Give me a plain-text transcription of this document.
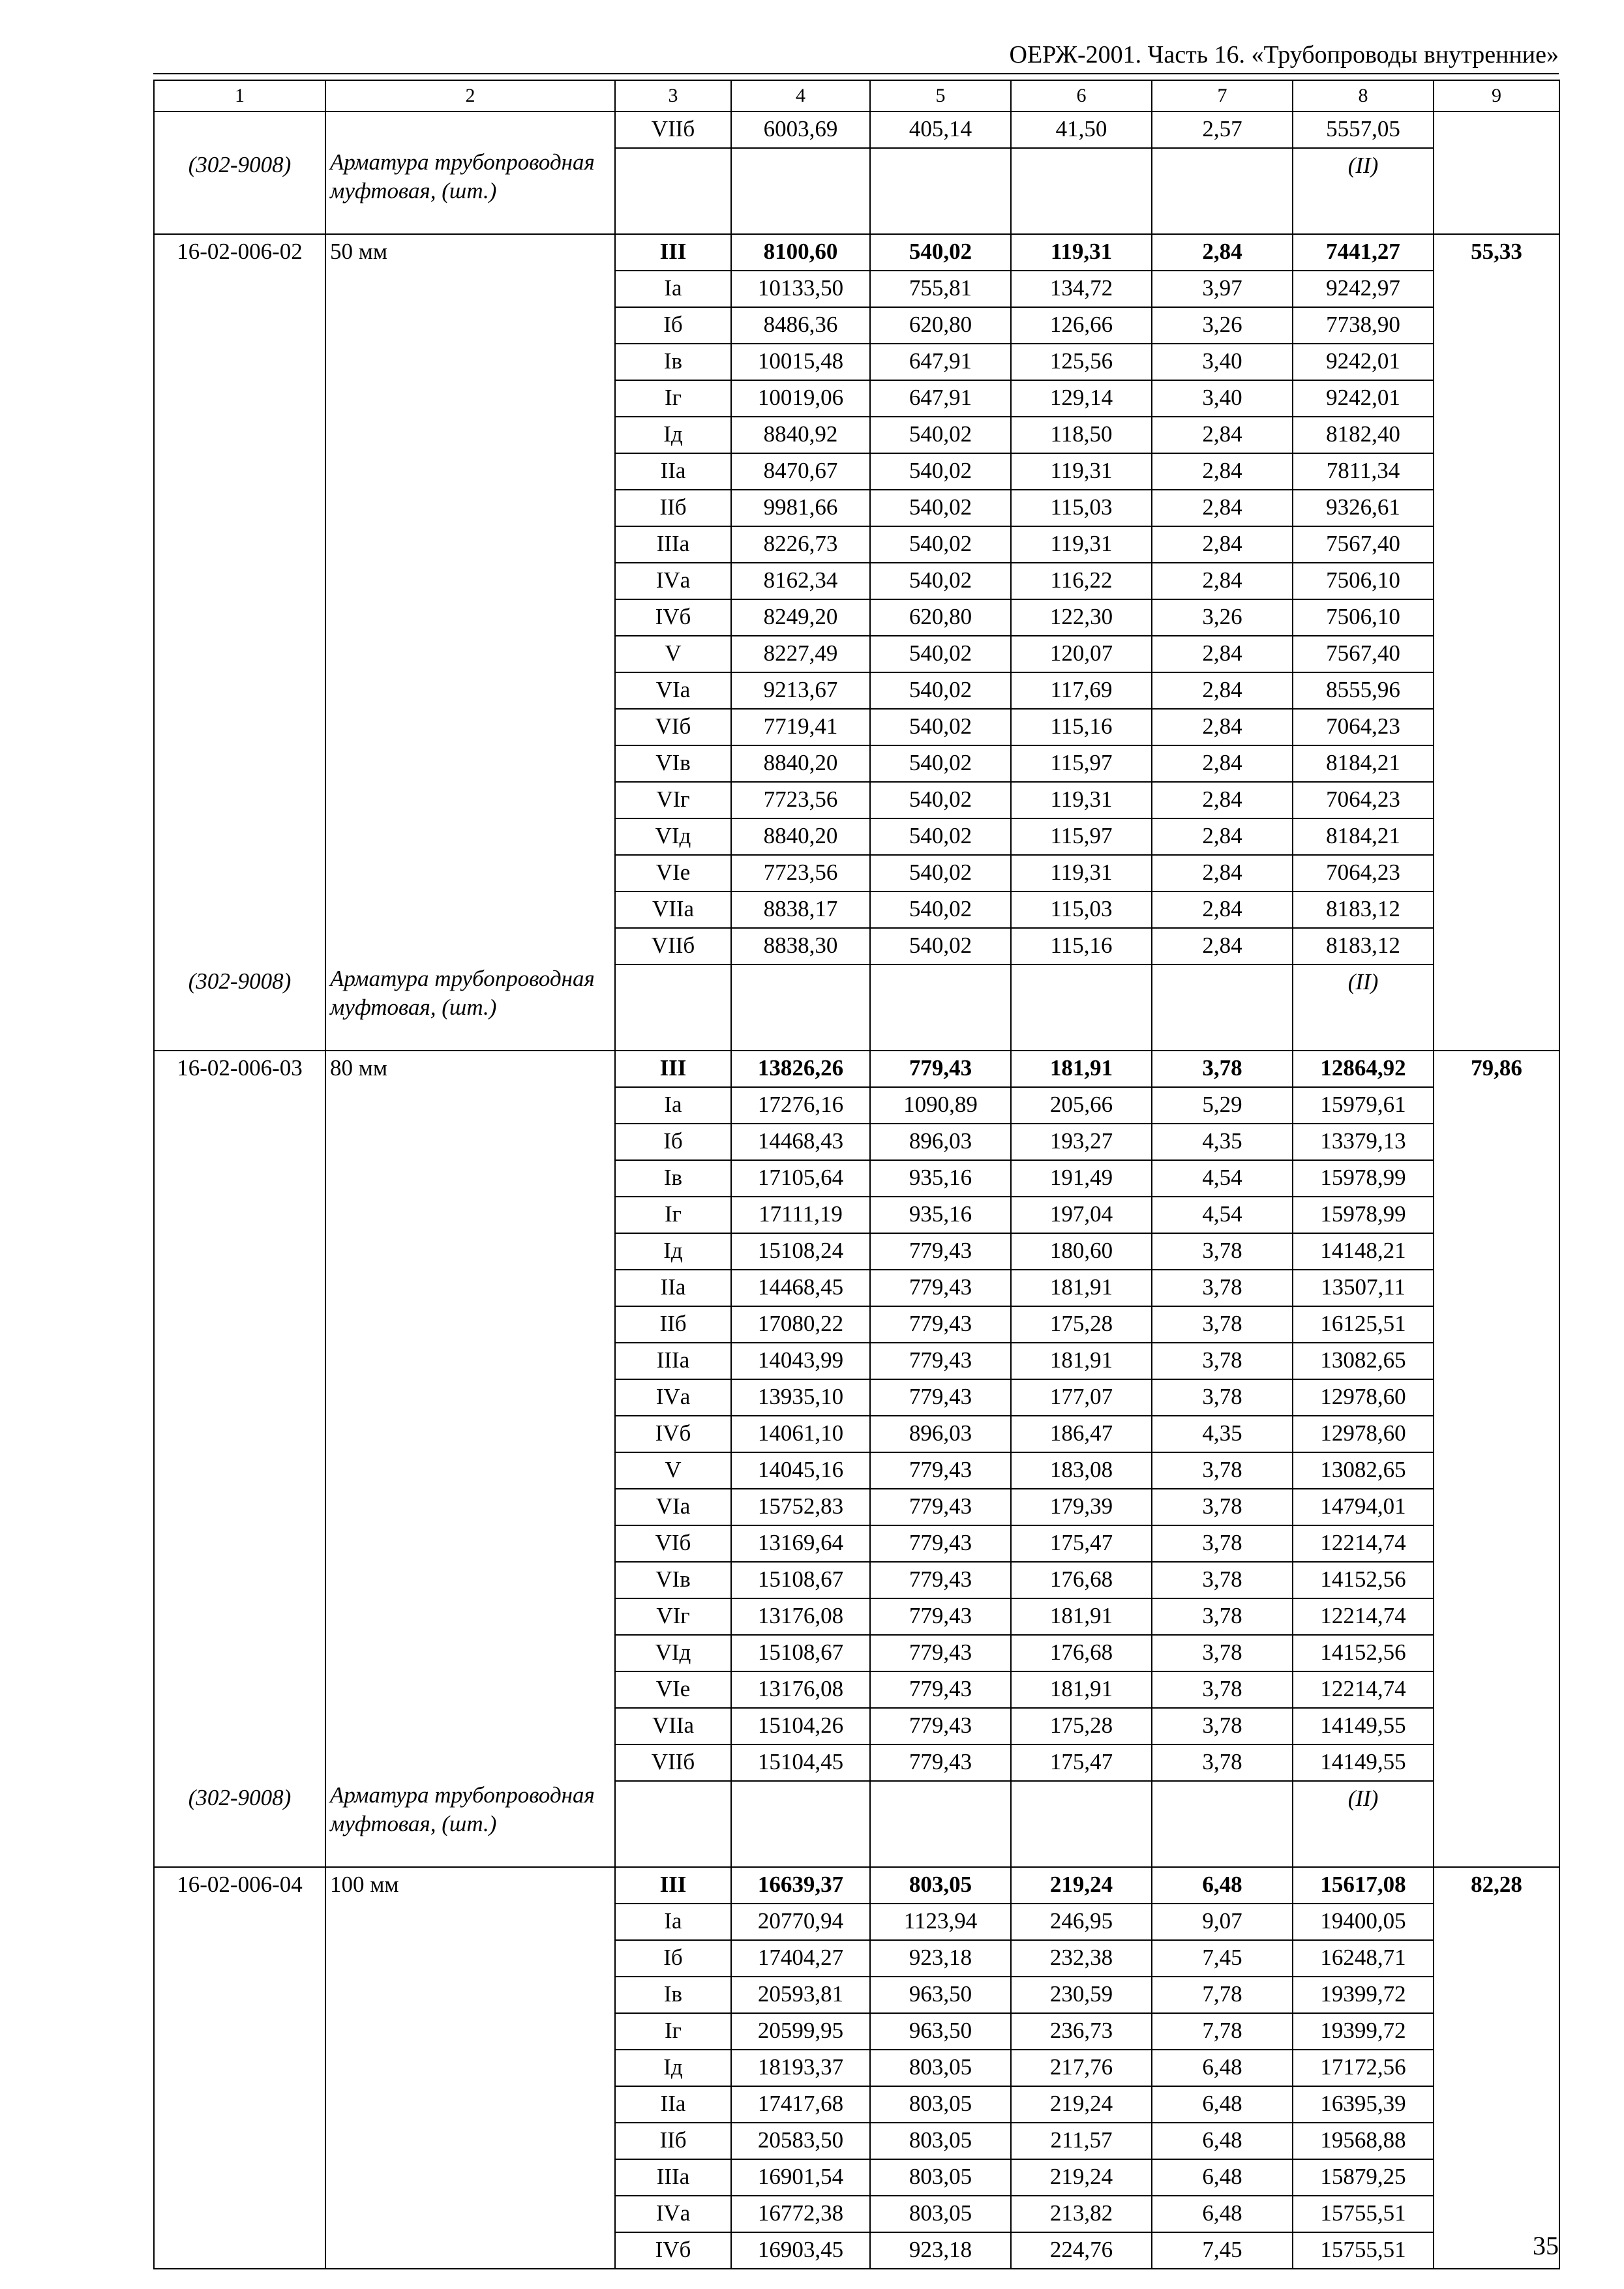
ОЕРЖ-2001. Часть 16. «Трубопроводы внутренние»
1	2	3	4	5	6	7	8	9
		VIIб	6003,69	405,14	41,50	2,57	5557,05	
(302-9008)	Арматура трубопроводная муфтовая, (шт.)						(II)	
16-02-006-02	50 мм	III	8100,60	540,02	119,31	2,84	7441,27	55,33
		Iа	10133,50	755,81	134,72	3,97	9242,97	
		Iб	8486,36	620,80	126,66	3,26	7738,90	
		Iв	10015,48	647,91	125,56	3,40	9242,01	
		Iг	10019,06	647,91	129,14	3,40	9242,01	
		Iд	8840,92	540,02	118,50	2,84	8182,40	
		IIа	8470,67	540,02	119,31	2,84	7811,34	
		IIб	9981,66	540,02	115,03	2,84	9326,61	
		IIIа	8226,73	540,02	119,31	2,84	7567,40	
		IVа	8162,34	540,02	116,22	2,84	7506,10	
		IVб	8249,20	620,80	122,30	3,26	7506,10	
		V	8227,49	540,02	120,07	2,84	7567,40	
		VIа	9213,67	540,02	117,69	2,84	8555,96	
		VIб	7719,41	540,02	115,16	2,84	7064,23	
		VIв	8840,20	540,02	115,97	2,84	8184,21	
		VIг	7723,56	540,02	119,31	2,84	7064,23	
		VIд	8840,20	540,02	115,97	2,84	8184,21	
		VIе	7723,56	540,02	119,31	2,84	7064,23	
		VIIа	8838,17	540,02	115,03	2,84	8183,12	
		VIIб	8838,30	540,02	115,16	2,84	8183,12	
(302-9008)	Арматура трубопроводная муфтовая, (шт.)						(II)	
16-02-006-03	80 мм	III	13826,26	779,43	181,91	3,78	12864,92	79,86
		Iа	17276,16	1090,89	205,66	5,29	15979,61	
		Iб	14468,43	896,03	193,27	4,35	13379,13	
		Iв	17105,64	935,16	191,49	4,54	15978,99	
		Iг	17111,19	935,16	197,04	4,54	15978,99	
		Iд	15108,24	779,43	180,60	3,78	14148,21	
		IIа	14468,45	779,43	181,91	3,78	13507,11	
		IIб	17080,22	779,43	175,28	3,78	16125,51	
		IIIа	14043,99	779,43	181,91	3,78	13082,65	
		IVа	13935,10	779,43	177,07	3,78	12978,60	
		IVб	14061,10	896,03	186,47	4,35	12978,60	
		V	14045,16	779,43	183,08	3,78	13082,65	
		VIа	15752,83	779,43	179,39	3,78	14794,01	
		VIб	13169,64	779,43	175,47	3,78	12214,74	
		VIв	15108,67	779,43	176,68	3,78	14152,56	
		VIг	13176,08	779,43	181,91	3,78	12214,74	
		VIд	15108,67	779,43	176,68	3,78	14152,56	
		VIе	13176,08	779,43	181,91	3,78	12214,74	
		VIIа	15104,26	779,43	175,28	3,78	14149,55	
		VIIб	15104,45	779,43	175,47	3,78	14149,55	
(302-9008)	Арматура трубопроводная муфтовая, (шт.)						(II)	
16-02-006-04	100 мм	III	16639,37	803,05	219,24	6,48	15617,08	82,28
		Iа	20770,94	1123,94	246,95	9,07	19400,05	
		Iб	17404,27	923,18	232,38	7,45	16248,71	
		Iв	20593,81	963,50	230,59	7,78	19399,72	
		Iг	20599,95	963,50	236,73	7,78	19399,72	
		Iд	18193,37	803,05	217,76	6,48	17172,56	
		IIа	17417,68	803,05	219,24	6,48	16395,39	
		IIб	20583,50	803,05	211,57	6,48	19568,88	
		IIIа	16901,54	803,05	219,24	6,48	15879,25	
		IVа	16772,38	803,05	213,82	6,48	15755,51	
		IVб	16903,45	923,18	224,76	7,45	15755,51		35
